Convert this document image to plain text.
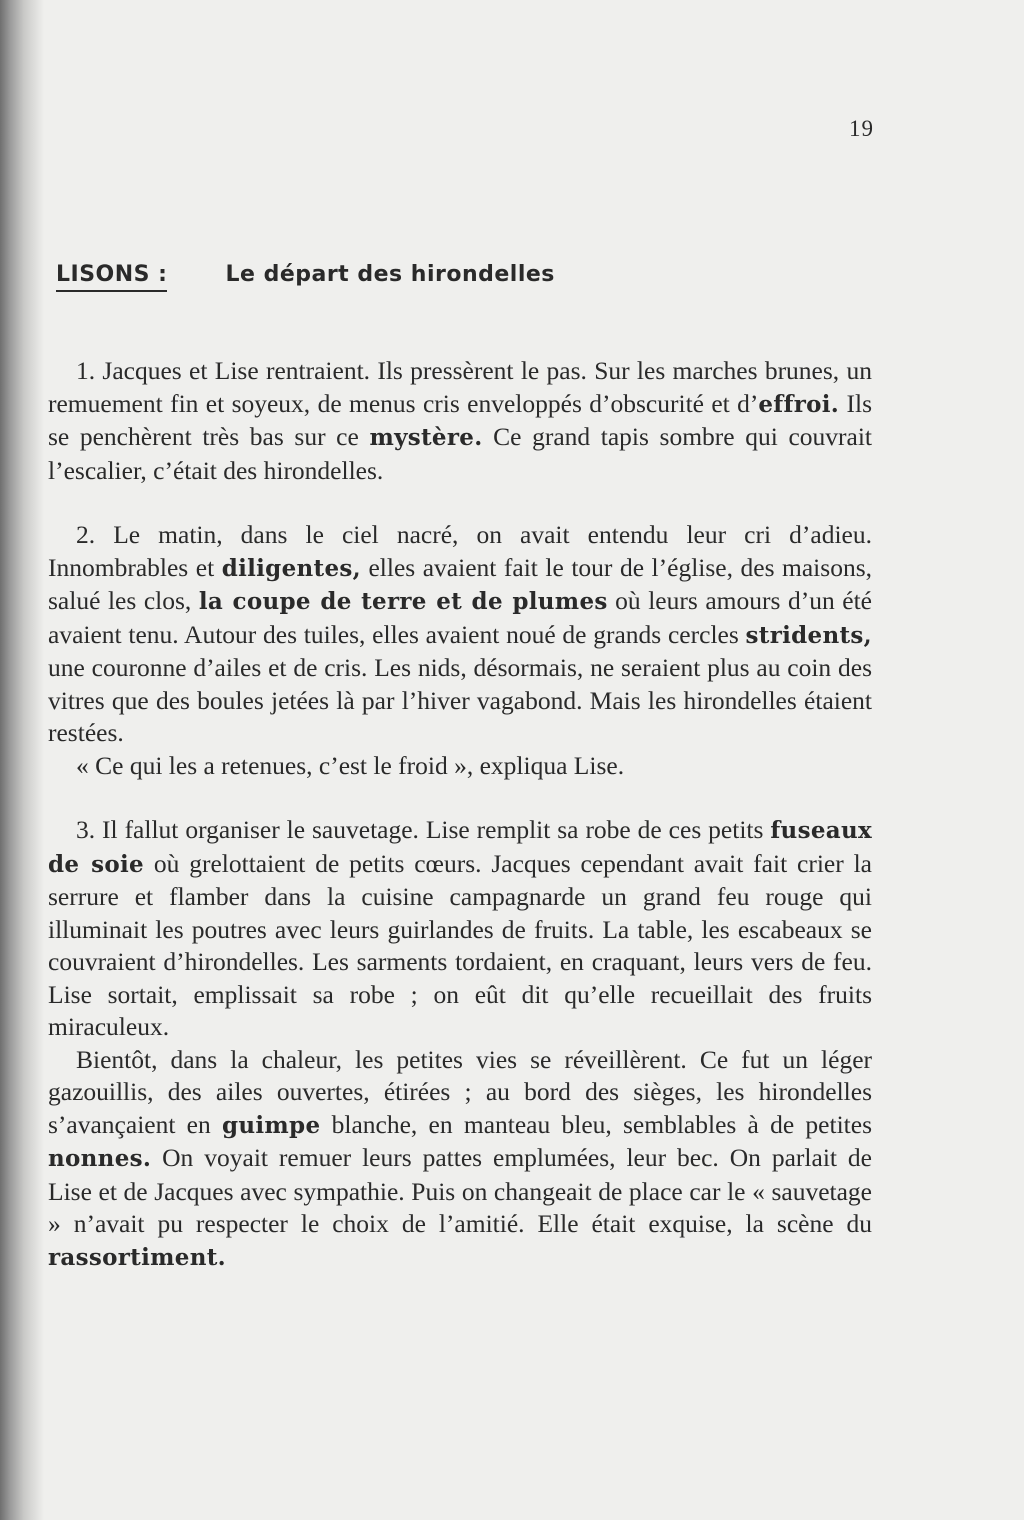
19
LISONS :	Le départ des hirondelles

1. Jacques et Lise rentraient. Ils pressèrent le pas. Sur les marches brunes, un remuement fin et soyeux, de menus cris enveloppés d’obscurité et d’effroi. Ils se penchèrent très bas sur ce mystère. Ce grand tapis sombre qui couvrait l’escalier, c’était des hirondelles.

2. Le matin, dans le ciel nacré, on avait entendu leur cri d’adieu. Innombrables et diligentes, elles avaient fait le tour de l’église, des maisons, salué les clos, la coupe de terre et de plumes où leurs amours d’un été avaient tenu. Autour des tuiles, elles avaient noué de grands cercles stridents, une couronne d’ailes et de cris. Les nids, désormais, ne seraient plus au coin des vitres que des boules jetées là par l’hiver vagabond. Mais les hirondelles étaient restées.

« Ce qui les a retenues, c’est le froid », expliqua Lise.

3. Il fallut organiser le sauvetage. Lise remplit sa robe de ces petits fuseaux de soie où grelottaient de petits cœurs. Jacques cependant avait fait crier la serrure et flamber dans la cuisine campagnarde un grand feu rouge qui illuminait les poutres avec leurs guirlandes de fruits. La table, les escabeaux se couvraient d’hirondelles. Les sarments tordaient, en craquant, leurs vers de feu. Lise sortait, emplissait sa robe ; on eût dit qu’elle recueillait des fruits miraculeux.

Bientôt, dans la chaleur, les petites vies se réveillèrent. Ce fut un léger gazouillis, des ailes ouvertes, étirées ; au bord des sièges, les hirondelles s’avançaient en guimpe blanche, en manteau bleu, semblables à de petites nonnes. On voyait remuer leurs pattes emplumées, leur bec. On parlait de Lise et de Jacques avec sympathie. Puis on changeait de place car le « sauvetage » n’avait pu respecter le choix de l’amitié. Elle était exquise, la scène du rassortiment.
